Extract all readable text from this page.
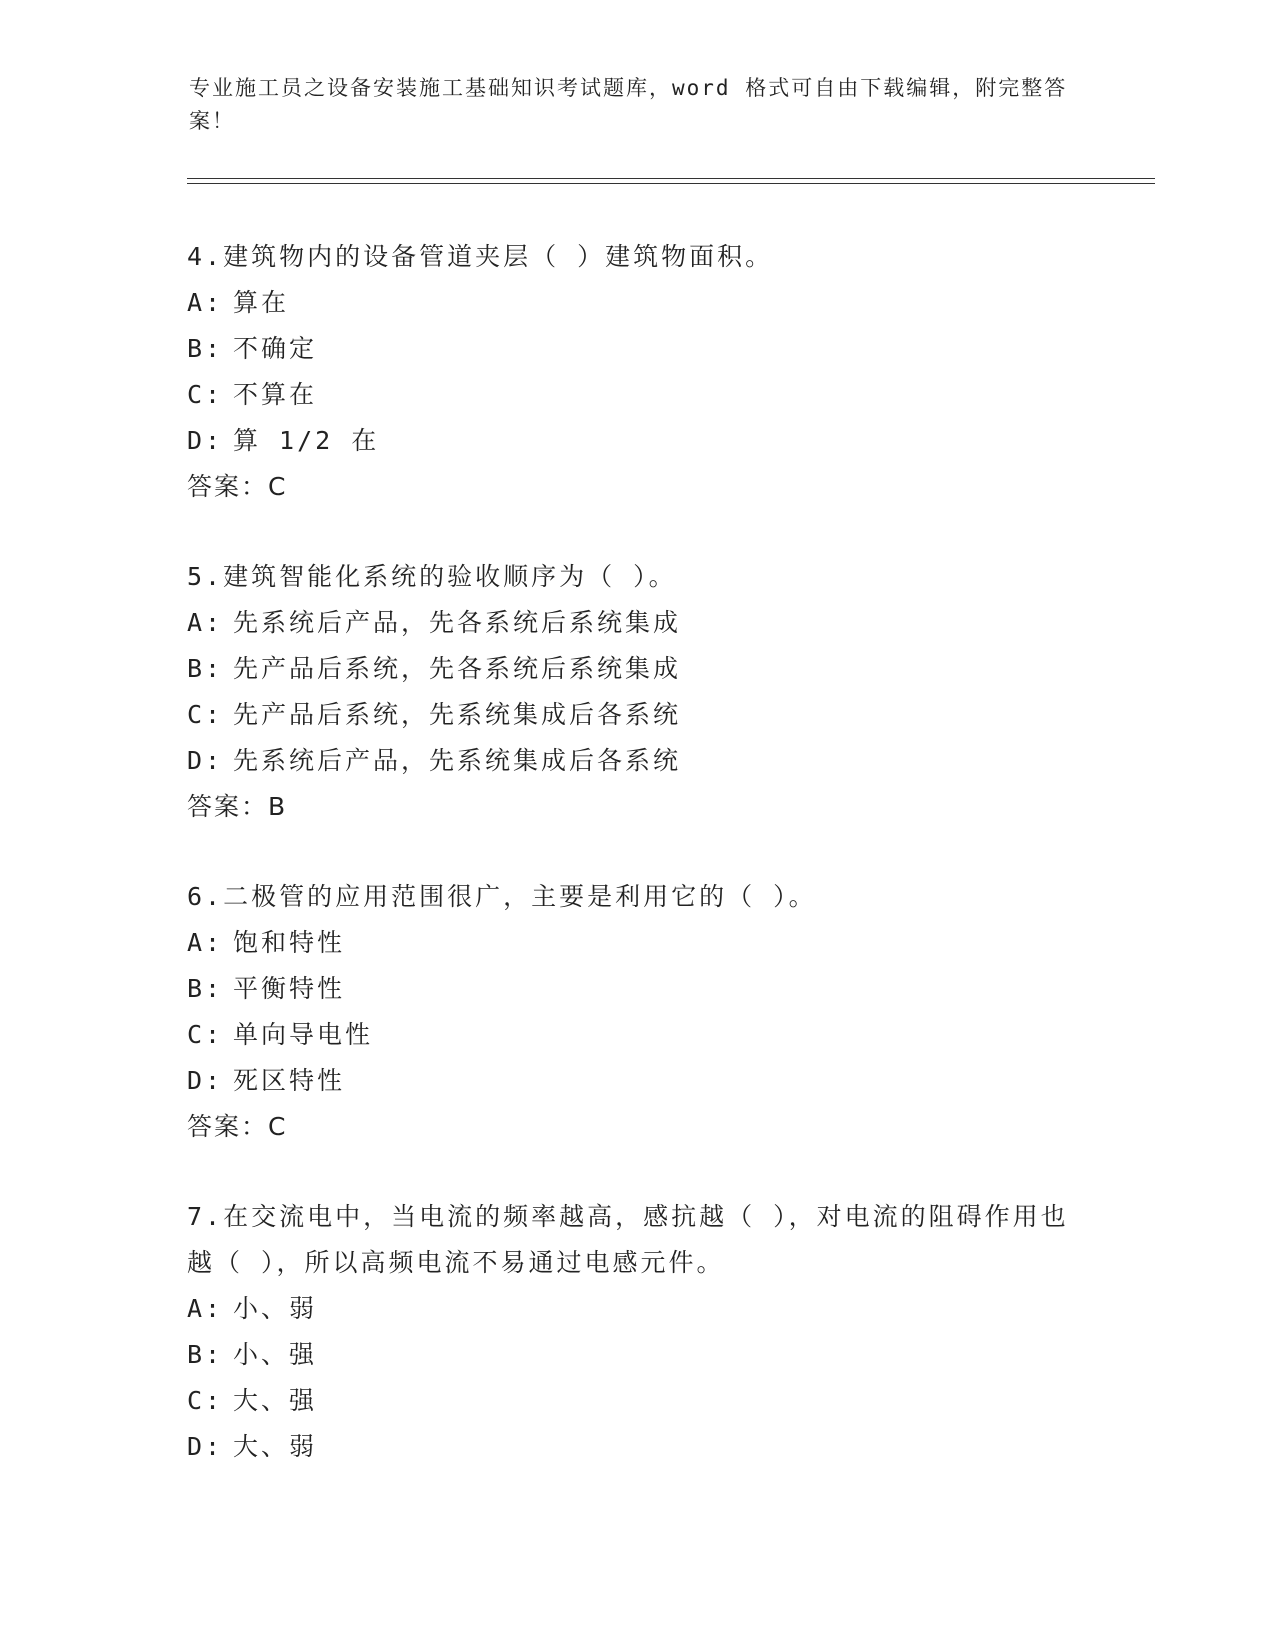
专业施工员之设备安装施工基础知识考试题库，word 格式可自由下载编辑，附完整答案！
4.建筑物内的设备管道夹层（ ）建筑物面积。
A: 算在
B: 不确定
C: 不算在
D: 算 1/2 在
答案：C
5.建筑智能化系统的验收顺序为（ ）。
A: 先系统后产品，先各系统后系统集成
B: 先产品后系统，先各系统后系统集成
C: 先产品后系统，先系统集成后各系统
D: 先系统后产品，先系统集成后各系统
答案：B
6.二极管的应用范围很广，主要是利用它的（ ）。
A: 饱和特性
B: 平衡特性
C: 单向导电性
D: 死区特性
答案：C
7.在交流电中，当电流的频率越高，感抗越（ ），对电流的阻碍作用也越（ ），所以高频电流不易通过电感元件。
A: 小、弱
B: 小、强
C: 大、强
D: 大、弱
